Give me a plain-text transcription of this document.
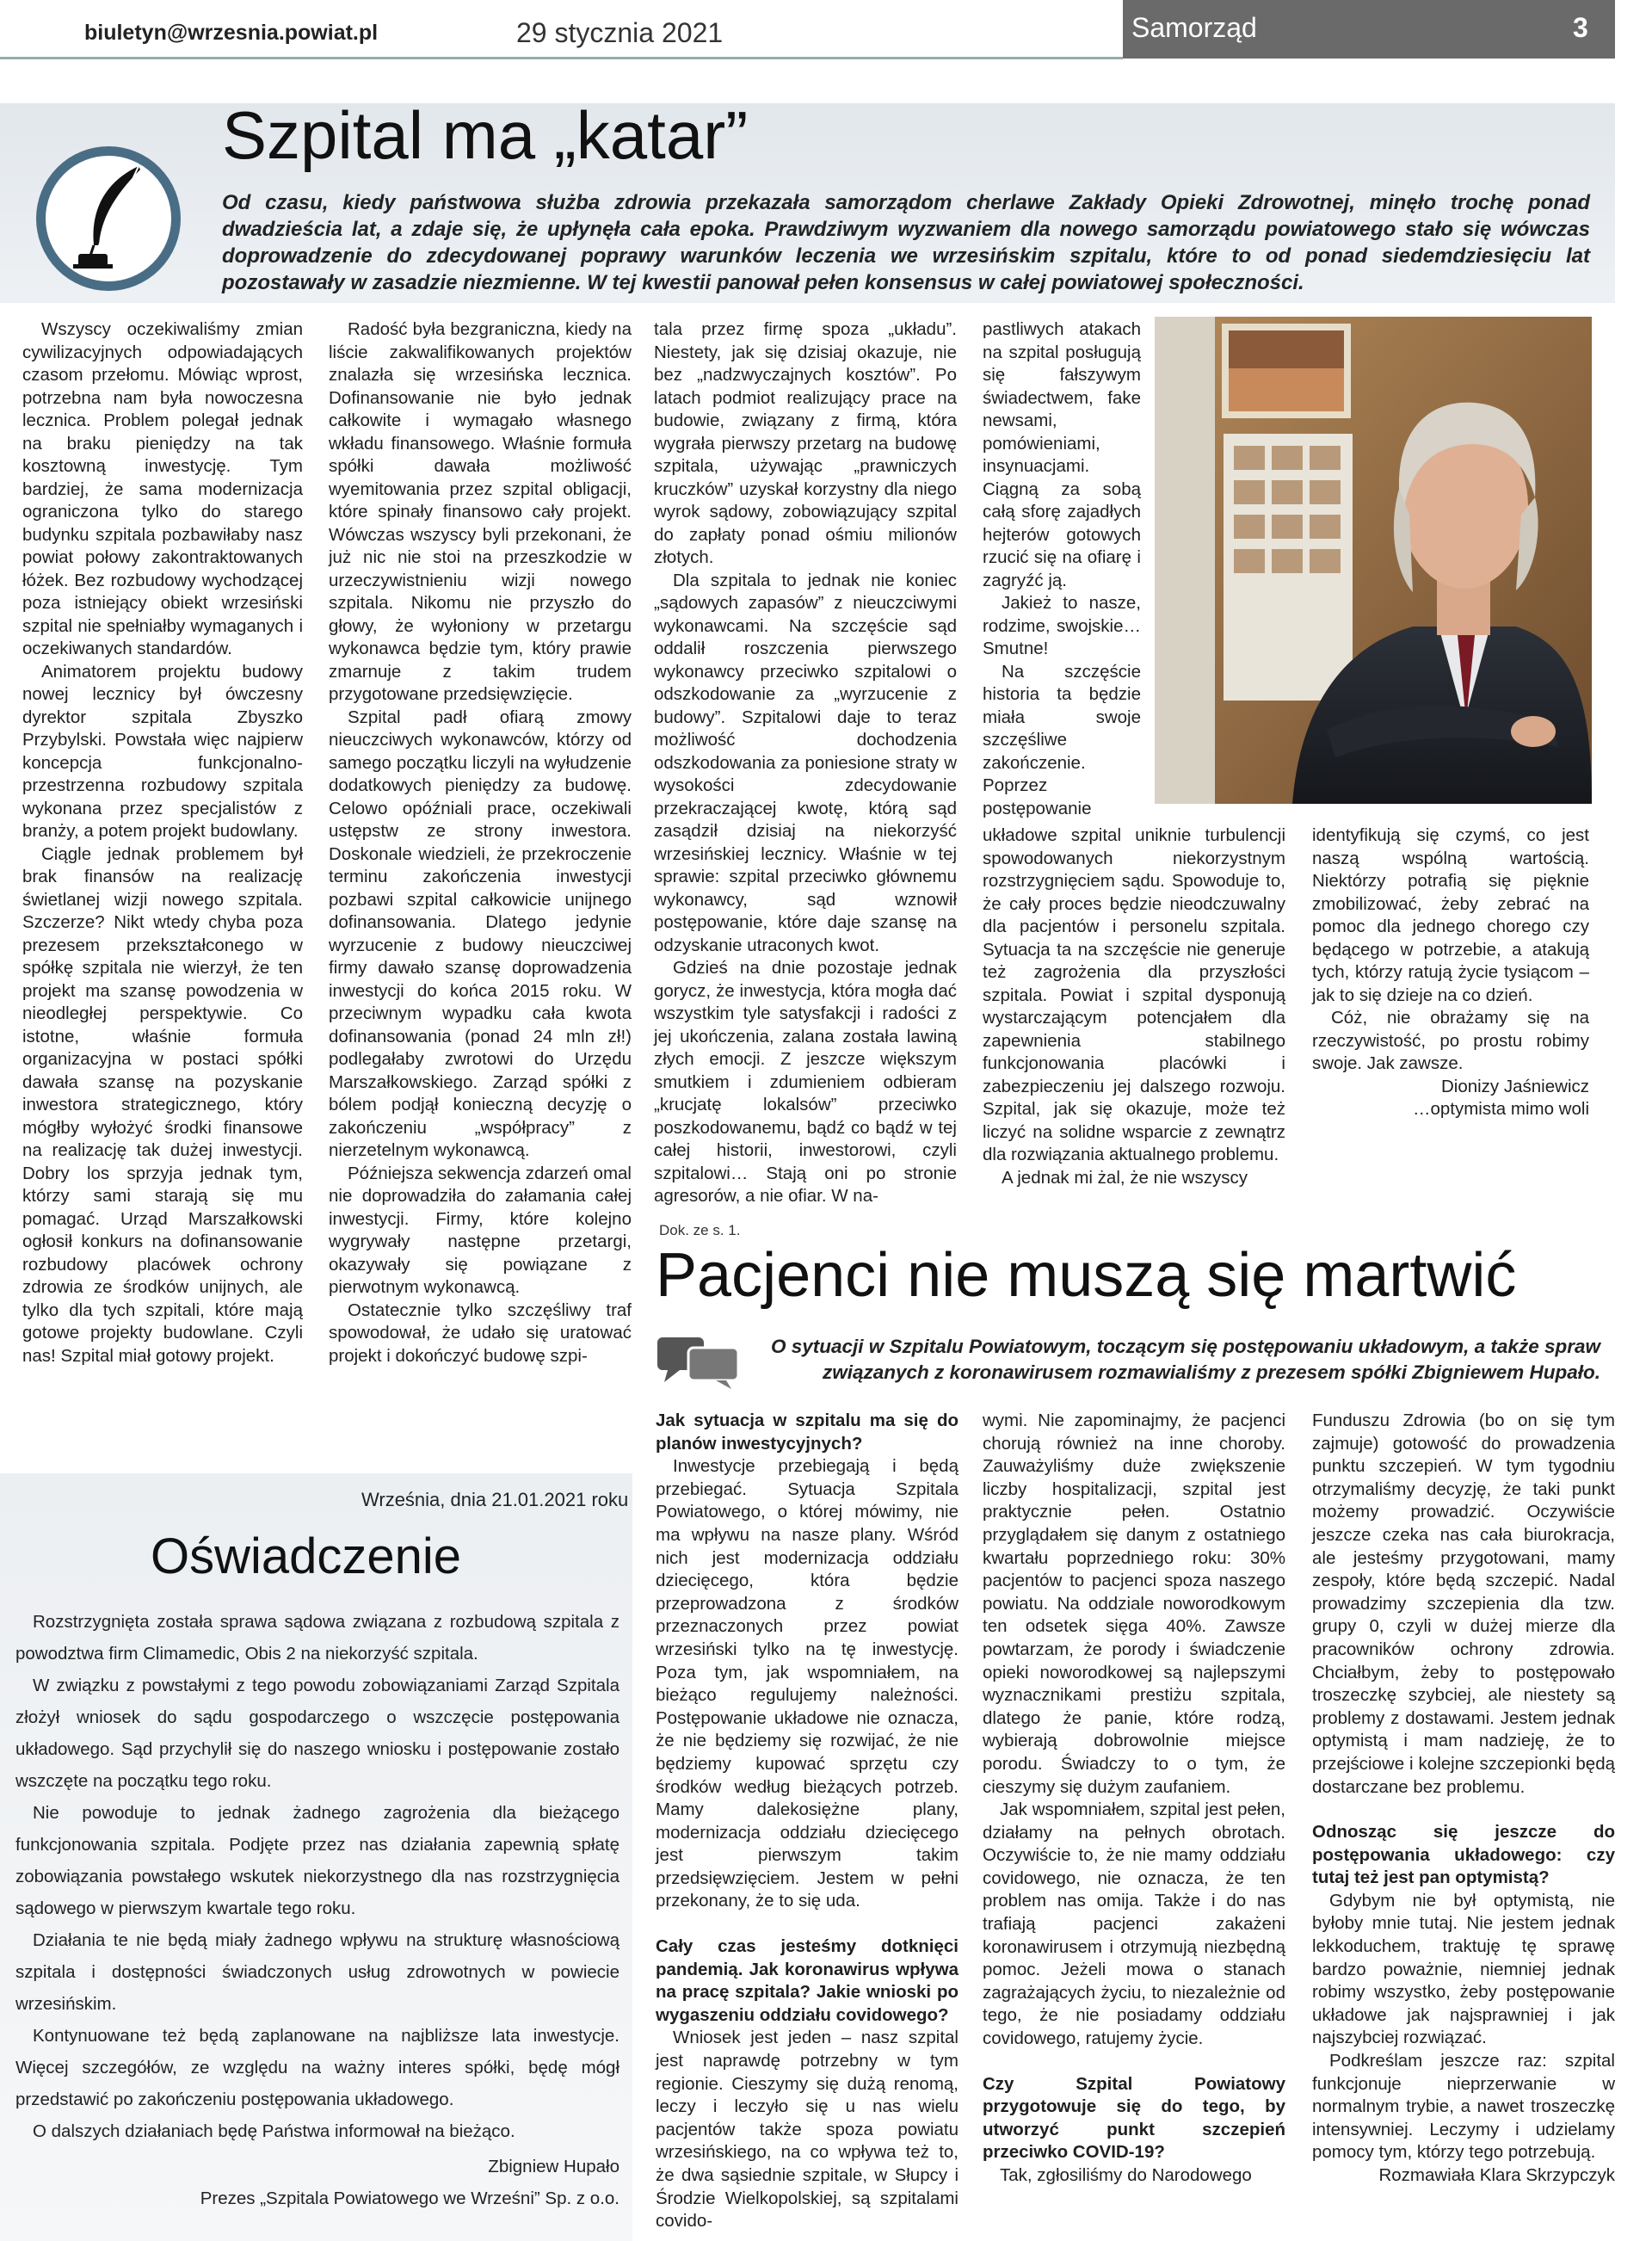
biuletyn@wrzesnia.powiat.pl	29 stycznia 2021	Samorząd	3
Szpital ma „katar”
Od czasu, kiedy państwowa służba zdrowia przekazała samorządom cherlawe Zakłady Opieki Zdrowotnej, minęło trochę ponad dwadzieścia lat, a zdaje się, że upłynęła cała epoka. Prawdziwym wyzwaniem dla nowego samorządu powiatowego stało się wówczas doprowadzenie do zdecydowanej poprawy warunków leczenia we wrzesińskim szpitalu, które to od ponad siedemdziesięciu lat pozostawały w zasadzie niezmienne. W tej kwestii panował pełen konsensus w całej powiatowej społeczności.

Wszyscy oczekiwaliśmy zmian cywilizacyjnych odpowiadających czasom przełomu. Mówiąc wprost, potrzebna nam była nowoczesna lecznica. Problem polegał jednak na braku pieniędzy na tak kosztowną inwestycję. Tym bardziej, że sama modernizacja ograniczona tylko do starego budynku szpitala pozbawiłaby nasz powiat połowy zakontraktowanych łóżek. Bez rozbudowy wychodzącej poza istniejący obiekt wrzesiński szpital nie spełniałby wymaganych i oczekiwanych standardów.

Animatorem projektu budowy nowej lecznicy był ówczesny dyrektor szpitala Zbyszko Przybylski. Powstała więc najpierw koncepcja funkcjonalno-przestrzenna rozbudowy szpitala wykonana przez specjalistów z branży, a potem projekt budowlany.

Ciągle jednak problemem był brak finansów na realizację świetlanej wizji nowego szpitala. Szczerze? Nikt wtedy chyba poza prezesem przekształconego w spółkę szpitala nie wierzył, że ten projekt ma szansę powodzenia w nieodległej perspektywie. Co istotne, właśnie formuła organizacyjna w postaci spółki dawała szansę na pozyskanie inwestora strategicznego, który mógłby wyłożyć środki finansowe na realizację tak dużej inwestycji. Dobry los sprzyja jednak tym, którzy sami starają się mu pomagać. Urząd Marszałkowski ogłosił konkurs na dofinansowanie rozbudowy placówek ochrony zdrowia ze środków unijnych, ale tylko dla tych szpitali, które mają gotowe projekty budowlane. Czyli nas! Szpital miał gotowy projekt.

Radość była bezgraniczna, kiedy na liście zakwalifikowanych projektów znalazła się wrzesińska lecznica. Dofinansowanie nie było jednak całkowite i wymagało własnego wkładu finansowego. Właśnie formuła spółki dawała możliwość wyemitowania przez szpital obligacji, które spinały finansowo cały projekt. Wówczas wszyscy byli przekonani, że już nic nie stoi na przeszkodzie w urzeczywistnieniu wizji nowego szpitala. Nikomu nie przyszło do głowy, że wyłoniony w przetargu wykonawca będzie tym, który prawie zmarnuje z takim trudem przygotowane przedsięwzięcie.

Szpital padł ofiarą zmowy nieuczciwych wykonawców, którzy od samego początku liczyli na wyłudzenie dodatkowych pieniędzy za budowę. Celowo opóźniali prace, oczekiwali ustępstw ze strony inwestora. Doskonale wiedzieli, że przekroczenie terminu zakończenia inwestycji pozbawi szpital całkowicie unijnego dofinansowania. Dlatego jedynie wyrzucenie z budowy nieuczciwej firmy dawało szansę doprowadzenia inwestycji do końca 2015 roku. W przeciwnym wypadku cała kwota dofinansowania (ponad 24 mln zł!) podlegałaby zwrotowi do Urzędu Marszałkowskiego. Zarząd spółki z bólem podjął konieczną decyzję o zakończeniu „współpracy” z nierzetelnym wykonawcą.

Późniejsza sekwencja zdarzeń omal nie doprowadziła do załamania całej inwestycji. Firmy, które kolejno wygrywały następne przetargi, okazywały się powiązane z pierwotnym wykonawcą.

Ostatecznie tylko szczęśliwy traf spowodował, że udało się uratować projekt i dokończyć budowę szpi-

tala przez firmę spoza „układu”. Niestety, jak się dzisiaj okazuje, nie bez „nadzwyczajnych kosztów”. Po latach podmiot realizujący prace na budowie, związany z firmą, która wygrała pierwszy przetarg na budowę szpitala, używając „prawniczych kruczków” uzyskał korzystny dla niego wyrok sądowy, zobowiązujący szpital do zapłaty ponad ośmiu milionów złotych.

Dla szpitala to jednak nie koniec „sądowych zapasów” z nieuczciwymi wykonawcami. Na szczęście sąd oddalił roszczenia pierwszego wykonawcy przeciwko szpitalowi o odszkodowanie za „wyrzucenie z budowy”. Szpitalowi daje to teraz możliwość dochodzenia odszkodowania za poniesione straty w wysokości zdecydowanie przekraczającej kwotę, którą sąd zasądził dzisiaj na niekorzyść wrzesińskiej lecznicy. Właśnie w tej sprawie: szpital przeciwko głównemu wykonawcy, sąd wznowił postępowanie, które daje szansę na odzyskanie utraconych kwot.

Gdzieś na dnie pozostaje jednak gorycz, że inwestycja, która mogła dać wszystkim tyle satysfakcji i radości z jej ukończenia, zalana została lawiną złych emocji. Z jeszcze większym smutkiem i zdumieniem odbieram „krucjatę lokalsów” przeciwko poszkodowanemu, bądź co bądź w tej całej historii, inwestorowi, czyli szpitalowi… Stają oni po stronie agresorów, a nie ofiar. W na-

pastliwych atakach na szpital posługują się fałszywym świadectwem, fake newsami, pomówieniami, insynuacjami. Ciągną za sobą całą sforę zajadłych hejterów gotowych rzucić się na ofiarę i zagryźć ją.

Jakież to nasze, rodzime, swojskie… Smutne!

Na szczęście historia ta będzie miała swoje szczęśliwe zakończenie. Poprzez postępowanie

układowe szpital uniknie turbulencji spowodowanych niekorzystnym rozstrzygnięciem sądu. Spowoduje to, że cały proces będzie nieodczuwalny dla pacjentów i personelu szpitala. Sytuacja ta na szczęście nie generuje też zagrożenia dla przyszłości szpitala. Powiat i szpital dysponują wystarczającym potencjałem dla zapewnienia stabilnego funkcjonowania placówki i zabezpieczeniu jej dalszego rozwoju. Szpital, jak się okazuje, może też liczyć na solidne wsparcie z zewnątrz dla rozwiązania aktualnego problemu.

A jednak mi żal, że nie wszyscy

identyfikują się czymś, co jest naszą wspólną wartością. Niektórzy potrafią się pięknie zmobilizować, żeby zebrać na pomoc dla jednego chorego czy będącego w potrzebie, a atakują tych, którzy ratują życie tysiącom – jak to się dzieje na co dzień.

Cóż, nie obrażamy się na rzeczywistość, po prostu robimy swoje. Jak zawsze.

Dionizy Jaśniewicz

…optymista mimo woli

Września, dnia 21.01.2021 roku
Oświadczenie

Rozstrzygnięta została sprawa sądowa związana z rozbudową szpitala z powodztwa firm Climamedic, Obis 2 na niekorzyść szpitala.

W związku z powstałymi z tego powodu zobowiązaniami Zarząd Szpitala złożył wniosek do sądu gospodarczego o wszczęcie postępowania układowego. Sąd przychylił się do naszego wniosku i postępowanie zostało wszczęte na początku tego roku.

Nie powoduje to jednak żadnego zagrożenia dla bieżącego funkcjonowania szpitala. Podjęte przez nas działania zapewnią spłatę zobowiązania powstałego wskutek niekorzystnego dla nas rozstrzygnięcia sądowego w pierwszym kwartale tego roku.

Działania te nie będą miały żadnego wpływu na strukturę własnościową szpitala i dostępności świadczonych usług zdrowotnych w powiecie wrzesińskim.

Kontynuowane też będą zaplanowane na najbliższe lata inwestycje. Więcej szczegółów, ze względu na ważny interes spółki, będę mógł przedstawić po zakończeniu postępowania układowego.

O dalszych działaniach będę Państwa informował na bieżąco.

Zbigniew Hupało

Prezes „Szpitala Powiatowego we Wrześni” Sp. z o.o.

Dok. ze s. 1.
Pacjenci nie muszą się martwić
O sytuacji w Szpitalu Powiatowym, toczącym się postępowaniu układowym, a także spraw związanych z koronawirusem rozmawialiśmy z prezesem spółki Zbigniewem Hupało.

Jak sytuacja w szpitalu ma się do planów inwestycyjnych?

Inwestycje przebiegają i będą przebiegać. Sytuacja Szpitala Powiatowego, o której mówimy, nie ma wpływu na nasze plany. Wśród nich jest modernizacja oddziału dziecięcego, która będzie przeprowadzona z środków przeznaczonych przez powiat wrzesiński tylko na tę inwestycję. Poza tym, jak wspomniałem, na bieżąco regulujemy należności. Postępowanie układowe nie oznacza, że nie będziemy się rozwijać, że nie będziemy kupować sprzętu czy środków według bieżących potrzeb. Mamy dalekosiężne plany, modernizacja oddziału dziecięcego jest pierwszym takim przedsięwzięciem. Jestem w pełni przekonany, że to się uda.

Cały czas jesteśmy dotknięci pandemią. Jak koronawirus wpływa na pracę szpitala? Jakie wnioski po wygaszeniu oddziału covidowego?

Wniosek jest jeden – nasz szpital jest naprawdę potrzebny w tym regionie. Cieszymy się dużą renomą, leczy i leczyło się u nas wielu pacjentów także spoza powiatu wrzesińskiego, na co wpływa też to, że dwa sąsiednie szpitale, w Słupcy i Środzie Wielkopolskiej, są szpitalami covido-

wymi. Nie zapominajmy, że pacjenci chorują również na inne choroby. Zauważyliśmy duże zwiększenie liczby hospitalizacji, szpital jest praktycznie pełen. Ostatnio przyglądałem się danym z ostatniego kwartału poprzedniego roku: 30% pacjentów to pacjenci spoza naszego powiatu. Na oddziale noworodkowym ten odsetek sięga 40%. Zawsze powtarzam, że porody i świadczenie opieki noworodkowej są najlepszymi wyznacznikami prestiżu szpitala, dlatego że panie, które rodzą, wybierają dobrowolnie miejsce porodu. Świadczy to o tym, że cieszymy się dużym zaufaniem.

Jak wspomniałem, szpital jest pełen, działamy na pełnych obrotach. Oczywiście to, że nie mamy oddziału covidowego, nie oznacza, że ten problem nas omija. Także i do nas trafiają pacjenci zakażeni koronawirusem i otrzymują niezbędną pomoc. Jeżeli mowa o stanach zagrażających życiu, to niezależnie od tego, że nie posiadamy oddziału covidowego, ratujemy życie.

Czy Szpital Powiatowy przygotowuje się do tego, by utworzyć punkt szczepień przeciwko COVID-19?

Tak, zgłosiliśmy do Narodowego

Funduszu Zdrowia (bo on się tym zajmuje) gotowość do prowadzenia punktu szczepień. W tym tygodniu otrzymaliśmy decyzję, że taki punkt możemy prowadzić. Oczywiście jeszcze czeka nas cała biurokracja, ale jesteśmy przygotowani, mamy zespoły, które będą szczepić. Nadal prowadzimy szczepienia dla tzw. grupy 0, czyli w dużej mierze dla pracowników ochrony zdrowia. Chciałbym, żeby to postępowało troszeczkę szybciej, ale niestety są problemy z dostawami. Jestem jednak optymistą i mam nadzieję, że to przejściowe i kolejne szczepionki będą dostarczane bez problemu.

Odnosząc się jeszcze do postępowania układowego: czy tutaj też jest pan optymistą?

Gdybym nie był optymistą, nie byłoby mnie tutaj. Nie jestem jednak lekkoduchem, traktuję tę sprawę bardzo poważnie, niemniej jednak robimy wszystko, żeby postępowanie układowe jak najsprawniej i jak najszybciej rozwiązać.

Podkreślam jeszcze raz: szpital funkcjonuje nieprzerwanie w normalnym trybie, a nawet troszeczkę intensywniej. Leczymy i udzielamy pomocy tym, którzy tego potrzebują.

Rozmawiała Klara Skrzypczyk
